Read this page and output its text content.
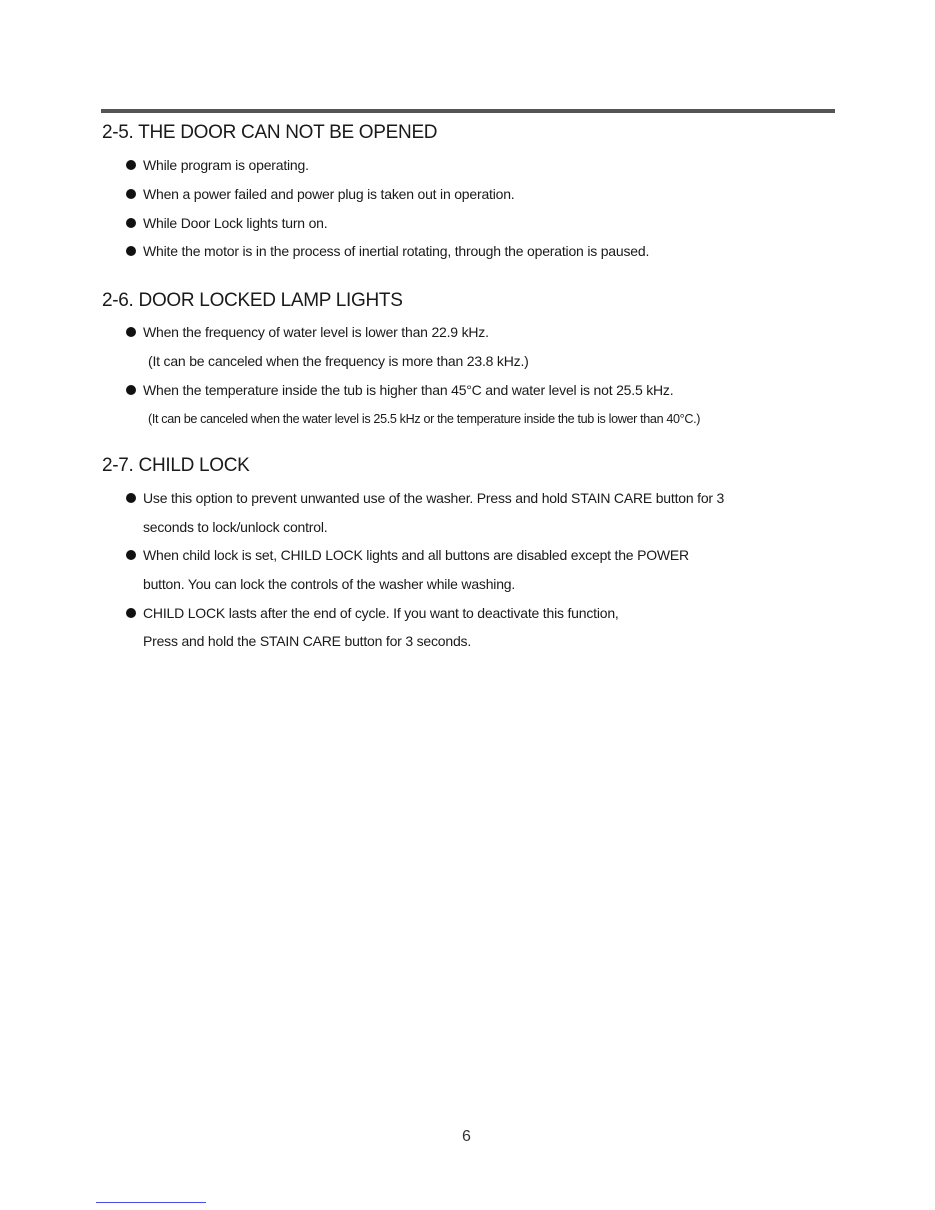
2-5. THE DOOR CAN NOT BE OPENED
While program is operating.
When a power failed and power plug is taken out in operation.
While Door Lock lights turn on.
White the motor is in the process of inertial rotating, through the operation is paused.
2-6. DOOR LOCKED LAMP LIGHTS
When the frequency of water level is lower than 22.9 kHz.
(It can be canceled when the frequency is more than 23.8 kHz.)
When the temperature inside the tub is higher than 45°C and water level is not 25.5 kHz.
(It can be canceled when the water level is 25.5 kHz or the temperature inside the tub is lower than 40°C.)
2-7. CHILD LOCK
Use this option to prevent unwanted use of the washer. Press and hold STAIN CARE button for 3
seconds to lock/unlock control.
When child lock is set, CHILD LOCK lights and all buttons are disabled except the POWER
button. You can lock the controls of the washer while washing.
CHILD LOCK lasts after the end of cycle. If you want to deactivate this function,
Press and hold the STAIN CARE button for 3 seconds.
6
